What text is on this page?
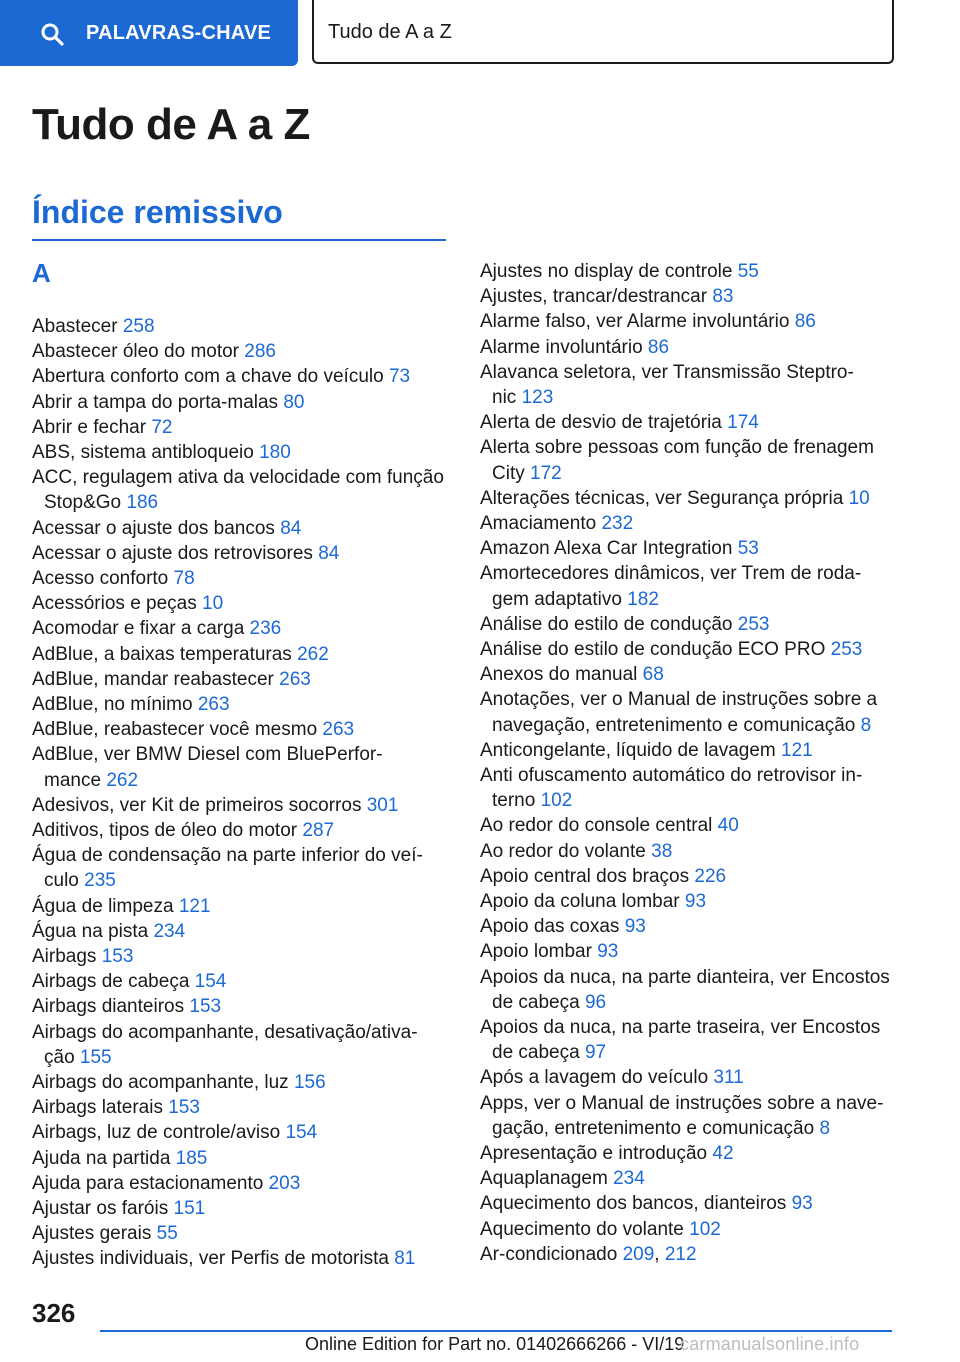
PALAVRAS-CHAVE	Tudo de A a Z
Tudo de A a Z
Índice remissivo
A
Abastecer 258
Abastecer óleo do motor 286
Abertura conforto com a chave do veículo 73
Abrir a tampa do porta-malas 80
Abrir e fechar 72
ABS, sistema antibloqueio 180
ACC, regulagem ativa da velocidade com função
Stop&Go 186
Acessar o ajuste dos bancos 84
Acessar o ajuste dos retrovisores 84
Acesso conforto 78
Acessórios e peças 10
Acomodar e fixar a carga 236
AdBlue, a baixas temperaturas 262
AdBlue, mandar reabastecer 263
AdBlue, no mínimo 263
AdBlue, reabastecer você mesmo 263
AdBlue, ver BMW Diesel com BluePerfor-
mance 262
Adesivos, ver Kit de primeiros socorros 301
Aditivos, tipos de óleo do motor 287
Água de condensação na parte inferior do veí-
culo 235
Água de limpeza 121
Água na pista 234
Airbags 153
Airbags de cabeça 154
Airbags dianteiros 153
Airbags do acompanhante, desativação/ativa-
ção 155
Airbags do acompanhante, luz 156
Airbags laterais 153
Airbags, luz de controle/aviso 154
Ajuda na partida 185
Ajuda para estacionamento 203
Ajustar os faróis 151
Ajustes gerais 55
Ajustes individuais, ver Perfis de motorista 81
Ajustes no display de controle 55
Ajustes, trancar/destrancar 83
Alarme falso, ver Alarme involuntário 86
Alarme involuntário 86
Alavanca seletora, ver Transmissão Steptro-
nic 123
Alerta de desvio de trajetória 174
Alerta sobre pessoas com função de frenagem
City 172
Alterações técnicas, ver Segurança própria 10
Amaciamento 232
Amazon Alexa Car Integration 53
Amortecedores dinâmicos, ver Trem de roda-
gem adaptativo 182
Análise do estilo de condução 253
Análise do estilo de condução ECO PRO 253
Anexos do manual 68
Anotações, ver o Manual de instruções sobre a
navegação, entretenimento e comunicação 8
Anticongelante, líquido de lavagem 121
Anti ofuscamento automático do retrovisor in-
terno 102
Ao redor do console central 40
Ao redor do volante 38
Apoio central dos braços 226
Apoio da coluna lombar 93
Apoio das coxas 93
Apoio lombar 93
Apoios da nuca, na parte dianteira, ver Encostos
de cabeça 96
Apoios da nuca, na parte traseira, ver Encostos
de cabeça 97
Após a lavagem do veículo 311
Apps, ver o Manual de instruções sobre a nave-
gação, entretenimento e comunicação 8
Apresentação e introdução 42
Aquaplanagem 234
Aquecimento dos bancos, dianteiros 93
Aquecimento do volante 102
Ar-condicionado 209, 212
326
Online Edition for Part no. 01402666266 - VI/19
carmanualsonline.info
